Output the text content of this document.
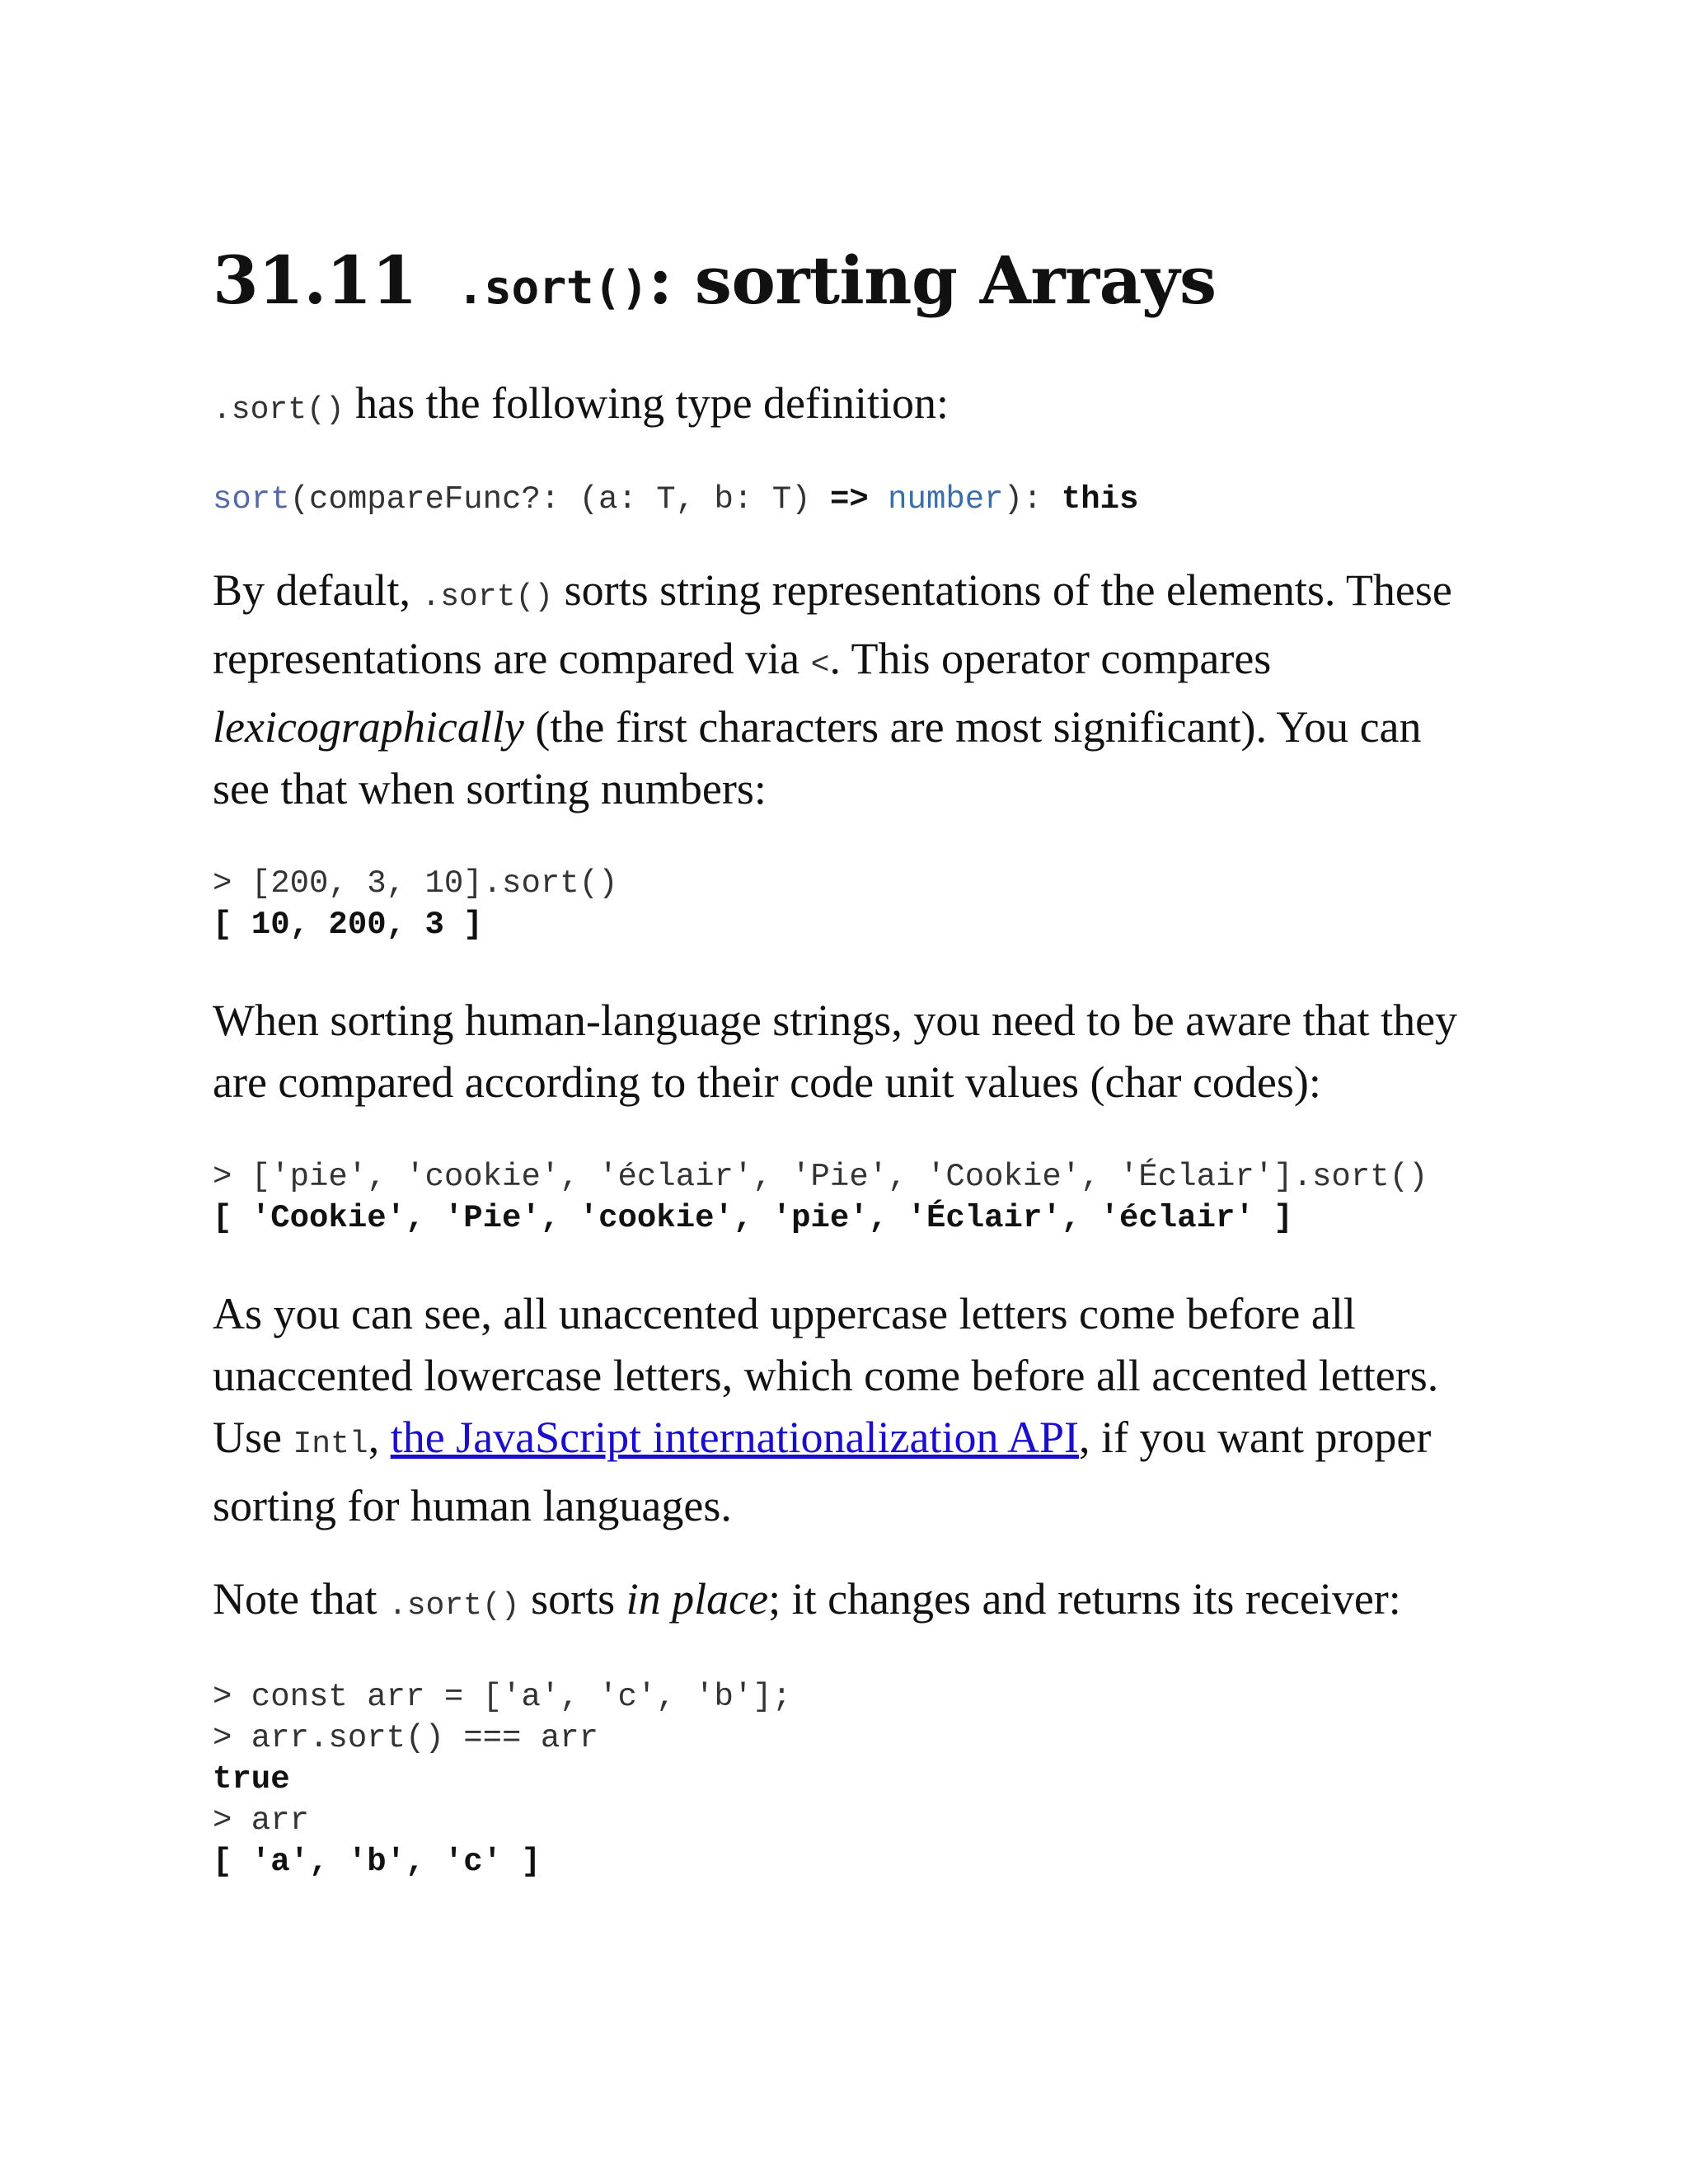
31.11 .sort(): sorting Arrays

.sort() has the following type definition:

sort(compareFunc?: (a: T, b: T) => number): this

By default, .sort() sorts string representations of the elements. These representations are compared via <. This operator compares lexicographically (the first characters are most significant). You can see that when sorting numbers:

> [200, 3, 10].sort()
[ 10, 200, 3 ]

When sorting human-language strings, you need to be aware that they are compared according to their code unit values (char codes):

> ['pie', 'cookie', 'éclair', 'Pie', 'Cookie', 'Éclair'].sort()
[ 'Cookie', 'Pie', 'cookie', 'pie', 'Éclair', 'éclair' ]

As you can see, all unaccented uppercase letters come before all unaccented lowercase letters, which come before all accented letters. Use Intl, the JavaScript internationalization API, if you want proper sorting for human languages.

Note that .sort() sorts in place; it changes and returns its receiver:

> const arr = ['a', 'c', 'b'];
> arr.sort() === arr
true
> arr
[ 'a', 'b', 'c' ]
